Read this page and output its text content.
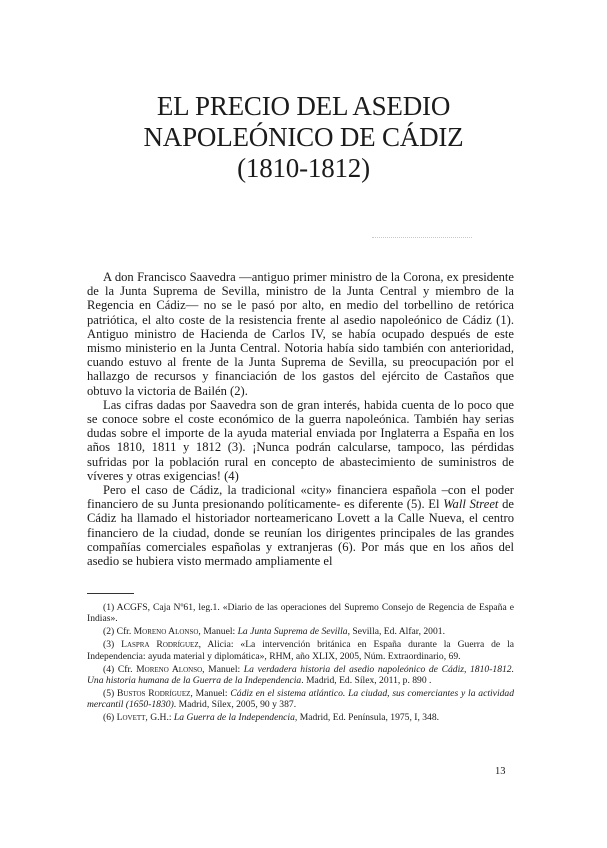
EL PRECIO DEL ASEDIO
NAPOLEÓNICO DE CÁDIZ
(1810-1812)

A don Francisco Saavedra —antiguo primer ministro de la Corona, ex presidente de la Junta Suprema de Sevilla, ministro de la Junta Central y miembro de la Regencia en Cádiz— no se le pasó por alto, en medio del torbellino de retórica patriótica, el alto coste de la resistencia frente al asedio napoleónico de Cádiz (1). Antiguo ministro de Hacienda de Carlos IV, se había ocupado después de este mismo ministerio en la Junta Central. Notoria había sido también con anterioridad, cuando estuvo al frente de la Junta Suprema de Sevilla, su preocupación por el hallazgo de recursos y financiación de los gastos del ejército de Castaños que obtuvo la victoria de Bailén (2).

Las cifras dadas por Saavedra son de gran interés, habida cuenta de lo poco que se conoce sobre el coste económico de la guerra napoleónica. También hay serias dudas sobre el importe de la ayuda material enviada por Inglaterra a España en los años 1810, 1811 y 1812 (3). ¡Nunca podrán calcularse, tampoco, las pérdidas sufridas por la población rural en concepto de abastecimiento de suministros de víveres y otras exigencias! (4)

Pero el caso de Cádiz, la tradicional «city» financiera española –con el poder financiero de su Junta presionando políticamente- es diferente (5). El Wall Street de Cádiz ha llamado el historiador norteamericano Lovett a la Calle Nueva, el centro financiero de la ciudad, donde se reunían los dirigentes principales de las grandes compañías comerciales españolas y extranjeras (6). Por más que en los años del asedio se hubiera visto mermado ampliamente el

(1) ACGFS, Caja Nº61, leg.1. «Diario de las operaciones del Supremo Consejo de Regencia de España e Indias».

(2) Cfr. Moreno Alonso, Manuel: La Junta Suprema de Sevilla, Sevilla, Ed. Alfar, 2001.

(3) Laspra Rodríguez, Alicia: «La intervención británica en España durante la Guerra de la Independencia: ayuda material y diplomática», RHM, año XLIX, 2005, Núm. Extraordinario, 69.

(4) Cfr. Moreno Alonso, Manuel: La verdadera historia del asedio napoleónico de Cádiz, 1810-1812. Una historia humana de la Guerra de la Independencia. Madrid, Ed. Sílex, 2011, p. 890 .

(5) Bustos Rodríguez, Manuel: Cádiz en el sistema atlántico. La ciudad, sus comerciantes y la actividad mercantil (1650-1830). Madrid, Sílex, 2005, 90 y 387.

(6) Lovett, G.H.: La Guerra de la Independencia, Madrid, Ed. Península, 1975, I, 348.

13
